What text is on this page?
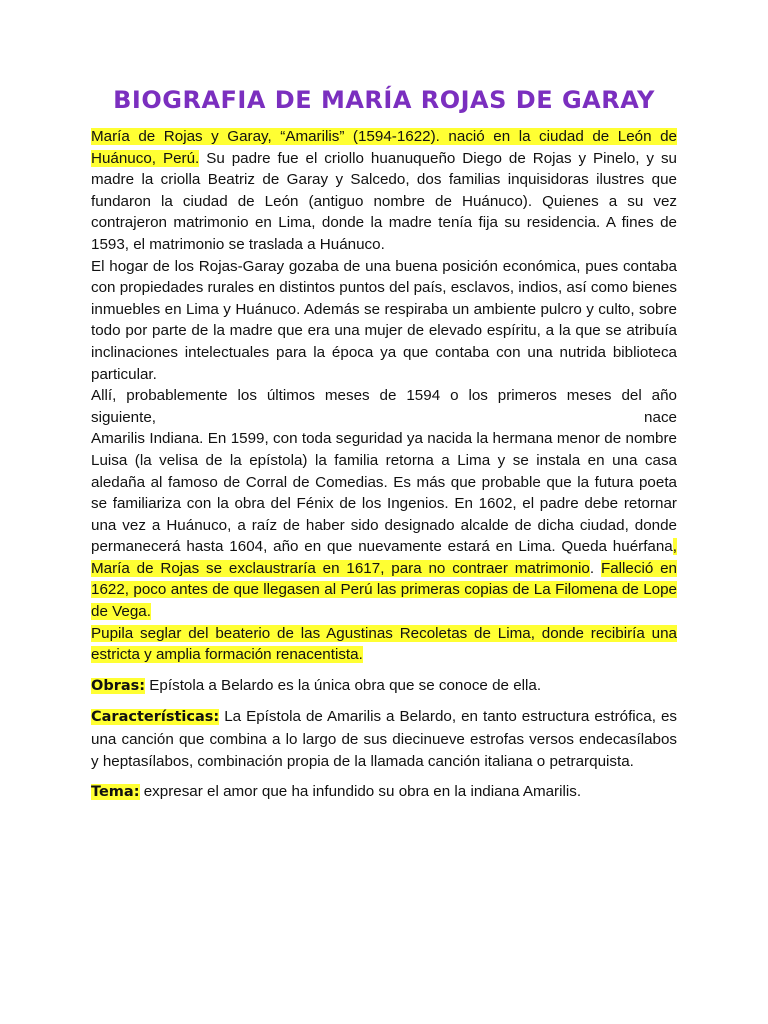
BIOGRAFIA DE MARÍA ROJAS DE GARAY

María de Rojas y Garay, “Amarilis” (1594-1622). nació en la ciudad de León de Huánuco, Perú. Su padre fue el criollo huanuqueño Diego de Rojas y Pinelo, y su madre la criolla Beatriz de Garay y Salcedo, dos familias inquisidoras ilustres que fundaron la ciudad de León (antiguo nombre de Huánuco). Quienes a su vez contrajeron matrimonio en Lima, donde la madre tenía fija su residencia. A fines de 1593, el matrimonio se traslada a Huánuco.

El hogar de los Rojas-Garay gozaba de una buena posición económica, pues contaba con propiedades rurales en distintos puntos del país, esclavos, indios, así como bienes inmuebles en Lima y Huánuco. Además se respiraba un ambiente pulcro y culto, sobre todo por parte de la madre que era una mujer de elevado espíritu, a la que se atribuía inclinaciones intelectuales para la época ya que contaba con una nutrida biblioteca particular.

Allí, probablemente los últimos meses de 1594 o los primeros meses del año siguiente, nace

Amarilis Indiana. En 1599, con toda seguridad ya nacida la hermana menor de nombre Luisa (la velisa de la epístola) la familia retorna a Lima y se instala en una casa aledaña al famoso de Corral de Comedias. Es más que probable que la futura poeta se familiariza con la obra del Fénix de los Ingenios. En 1602, el padre debe retornar una vez a Huánuco, a raíz de haber sido designado alcalde de dicha ciudad, donde permanecerá hasta 1604, año en que nuevamente estará en Lima. Queda huérfana, María de Rojas se exclaustraría en 1617, para no contraer matrimonio. Falleció en 1622, poco antes de que llegasen al Perú las primeras copias de La Filomena de Lope de Vega.

Pupila seglar del beaterio de las Agustinas Recoletas de Lima, donde recibiría una estricta y amplia formación renacentista.

Obras: Epístola a Belardo es la única obra que se conoce de ella.

Características: La Epístola de Amarilis a Belardo, en tanto estructura estrófica, es una canción que combina a lo largo de sus diecinueve estrofas versos endecasílabos y heptasílabos, combinación propia de la llamada canción italiana o petrarquista.

Tema: expresar el amor que ha infundido su obra en la indiana Amarilis.
